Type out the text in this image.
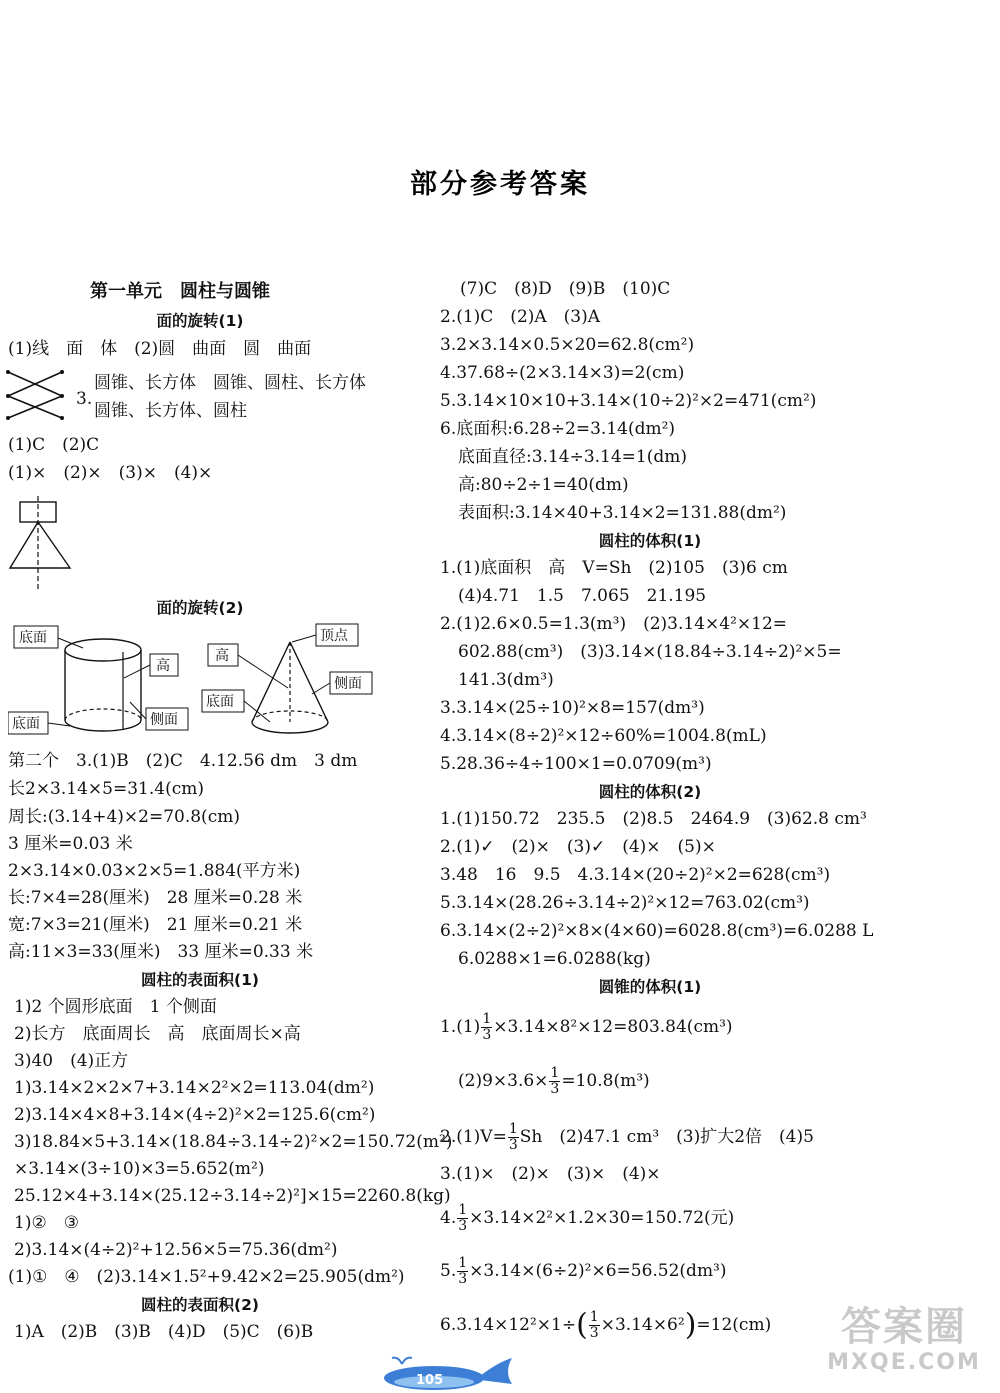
部分参考答案
第一单元　圆柱与圆锥
面的旋转(1)
(1)线　面　体　(2)圆　曲面　圆　曲面
3.
圆锥、长方体　圆锥、圆柱、长方体
圆锥、长方体、圆柱
(1)C　(2)C
(1)×　(2)×　(3)×　(4)×
面的旋转(2)
底面
高
侧面
底面
高
顶点
侧面
底面
第二个　3.(1)B　(2)C　4.12.56 dm　3 dm
长2×3.14×5=31.4(cm)
周长:(3.14+4)×2=70.8(cm)
3 厘米=0.03 米
2×3.14×0.03×2×5=1.884(平方米)
长:7×4=28(厘米)　28 厘米=0.28 米
宽:7×3=21(厘米)　21 厘米=0.21 米
高:11×3=33(厘米)　33 厘米=0.33 米
圆柱的表面积(1)
1)2 个圆形底面　1 个侧面
2)长方　底面周长　高　底面周长×高
3)40　(4)正方
1)3.14×2×2×7+3.14×2²×2=113.04(dm²)
2)3.14×4×8+3.14×(4÷2)²×2=125.6(cm²)
3)18.84×5+3.14×(18.84÷3.14÷2)²×2=150.72(m²)
×3.14×(3÷10)×3=5.652(m²)
25.12×4+3.14×(25.12÷3.14÷2)²]×15=2260.8(kg)
1)②　③
2)3.14×(4÷2)²+12.56×5=75.36(dm²)
(1)①　④　(2)3.14×1.5²+9.42×2=25.905(dm²)
圆柱的表面积(2)
1)A　(2)B　(3)B　(4)D　(5)C　(6)B
(7)C　(8)D　(9)B　(10)C
2.(1)C　(2)A　(3)A
3.2×3.14×0.5×20=62.8(cm²)
4.37.68÷(2×3.14×3)=2(cm)
5.3.14×10×10+3.14×(10÷2)²×2=471(cm²)
6.底面积:6.28÷2=3.14(dm²)
底面直径:3.14÷3.14=1(dm)
高:80÷2÷1=40(dm)
表面积:3.14×40+3.14×2=131.88(dm²)
圆柱的体积(1)
1.(1)底面积　高　V=Sh　(2)105　(3)6 cm
(4)4.71　1.5　7.065　21.195
2.(1)2.6×0.5=1.3(m³)　(2)3.14×4²×12=
602.88(cm³)　(3)3.14×(18.84÷3.14÷2)²×5=
141.3(dm³)
3.3.14×(25÷10)²×8=157(dm³)
4.3.14×(8÷2)²×12÷60%=1004.8(mL)
5.28.36÷4÷100×1=0.0709(m³)
圆柱的体积(2)
1.(1)150.72　235.5　(2)8.5　2464.9　(3)62.8 cm³
2.(1)✓　(2)×　(3)✓　(4)×　(5)×
3.48　16　9.5　4.3.14×(20÷2)²×2=628(cm³)
5.3.14×(28.26÷3.14÷2)²×12=763.02(cm³)
6.3.14×(2÷2)²×8×(4×60)=6028.8(cm³)=6.0288 L
6.0288×1=6.0288(kg)
圆锥的体积(1)
$1.(1) \frac{1}{3} \times 3.14\times 8^2\times 12=803.84(cm^3)$
$(2)9\times 3.6\times \frac{1}{3} =10.8(m^3)$
$2.(1)V= \frac{1}{3}$ Sh　(2)47.1 cm³　(3)扩大2倍　(4)5
3.(1)×　(2)×　(3)×　(4)×
4. $\frac{1}{3} \times 3.14\times 2^2\times 1.2\times 30=150.72$(元)
5. $\frac{1}{3} \times 3.14\times(6\div 2)^2\times 6=56.52(dm^3)$
$6.3.14\times 12^2\times 1\div( \frac{1}{3} \times 3.14\times 6^2)=12(cm)$
105
答案圈
MXQE.COM
